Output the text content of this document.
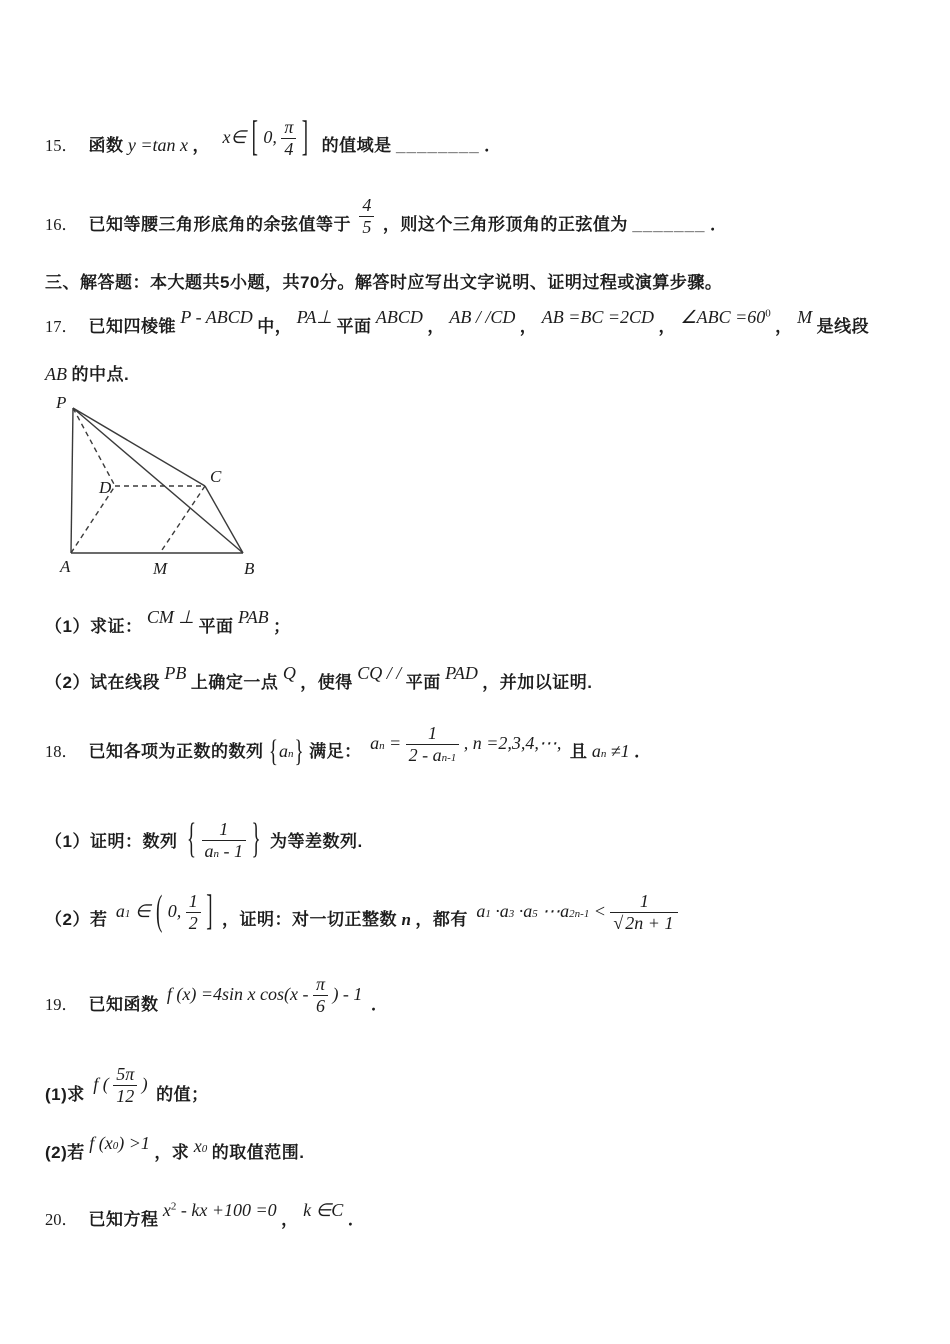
15． 函数 y =tan x ， x∈ [ 0, $\frac{\pi}{4}$ ] 的值域是 ________ ．
16． 已知等腰三角形底角的余弦值等于 $\frac{4}{5}$ ，则这个三角形顶角的正弦值为 _______ ．
三、解答题：本大题共5小题，共70分。解答时应写出文字说明、证明过程或演算步骤。
17． 已知四棱锥 P - ABCD 中， PA⊥ 平面 ABCD ， AB / /CD ， AB =BC =2CD ， ∠ABC $=60^0$ ， M 是线段
AB 的中点.
P
A	M	B
D
C
（1）求证： CM ⊥ 平面 PAB ；
（2）试在线段 PB 上确定一点 Q ，使得 CQ / / 平面 PAD ，并加以证明.
18． 已知各项为正数的数列 {an} 满足： an = $\frac{1}{2 - an-1}$ , n =2,3,4,⋯, 且 an ≠1 ．
（1）证明：数列 { $\frac{1}{an - 1}$ } 为等差数列.
（2）若 a1 ∈ ( 0, $\frac{1}{2}$ ] ，证明：对一切正整数 n ，都有 a1 ·a3 ·a5 ⋯a2n-1 < $\frac{1}{√ 2n + 1}$
19． 已知函数 f (x) =4sin x $\cos(x - \frac{\pi}{6}$ ) - 1 ．
(1)求 f ( $\frac{5\pi}{12}$ ) 的值；
(2)若 f (x0) >1 ，求 x0 的取值范围.
20． 已知方程 $x^2$ - kx +100 =0 ， k ∈C ．
